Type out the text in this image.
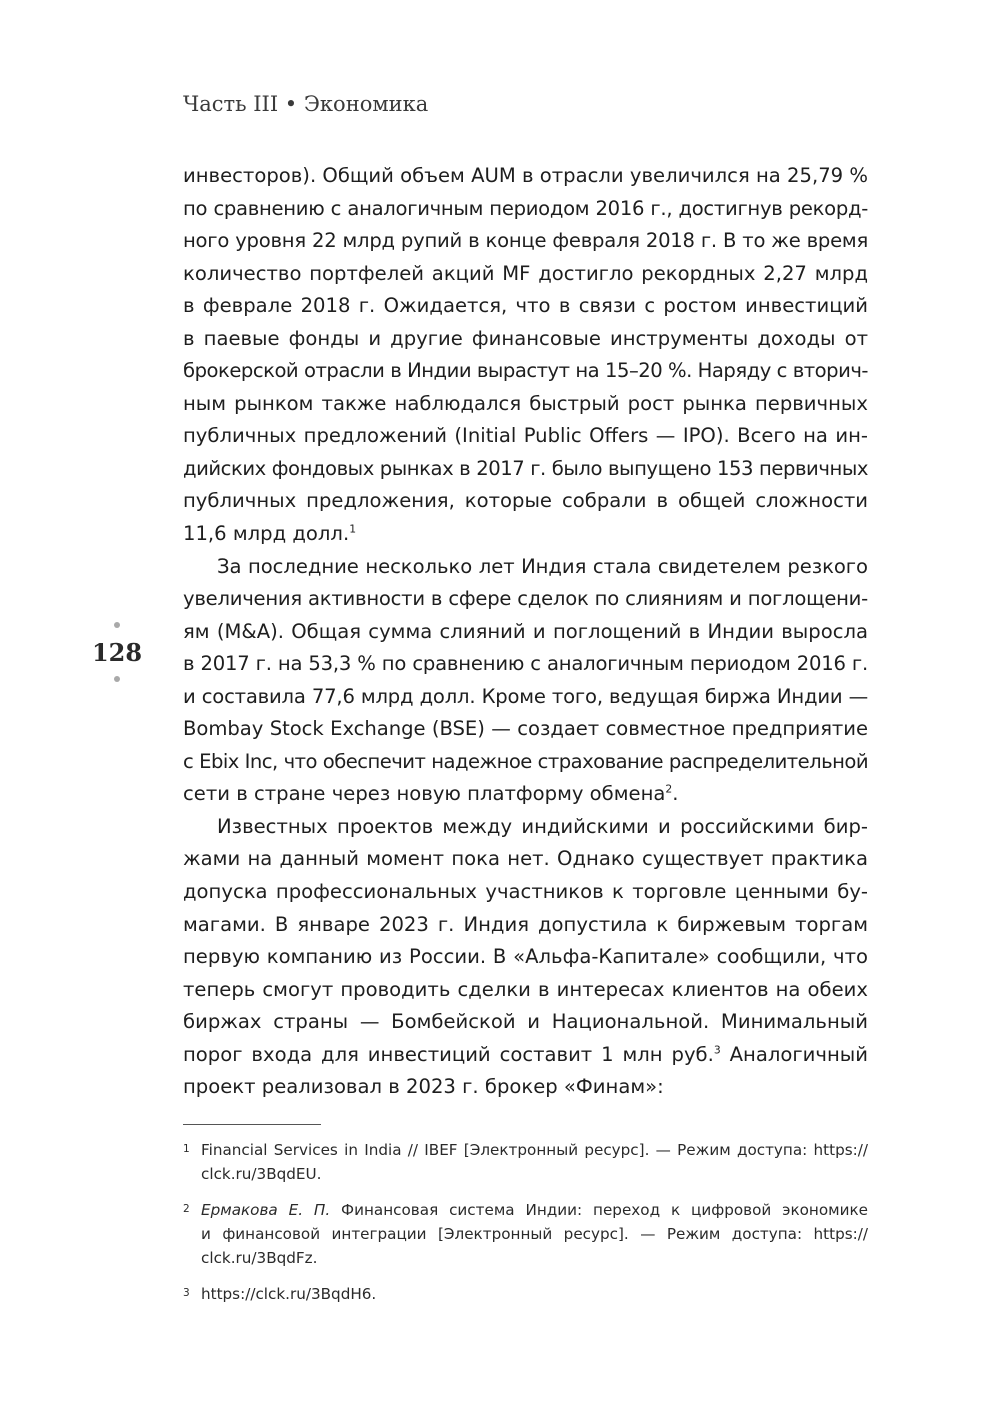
Часть III • Экономика
128
инвесторов). Общий объем AUM в отрасли увеличился на 25,79 %
по сравнению с аналогичным периодом 2016 г., достигнув рекорд-
ного уровня 22 млрд рупий в конце февраля 2018 г. В то же время
количество портфелей акций MF достигло рекордных 2,27 млрд
в феврале 2018 г. Ожидается, что в связи с ростом инвестиций
в паевые фонды и другие финансовые инструменты доходы от
брокерской отрасли в Индии вырастут на 15–20 %. Наряду с вторич-
ным рынком также наблюдался быстрый рост рынка первичных
публичных предложений (Initial Public Offers — IPO). Всего на ин-
дийских фондовых рынках в 2017 г. было выпущено 153 первичных
публичных предложения, которые собрали в общей сложности
11,6 млрд долл.$^1$
За последние несколько лет Индия стала свидетелем резкого
увеличения активности в сфере сделок по слияниям и поглощени-
ям (M&A). Общая сумма слияний и поглощений в Индии выросла
в 2017 г. на 53,3 % по сравнению с аналогичным периодом 2016 г.
и составила 77,6 млрд долл. Кроме того, ведущая биржа Индии —
Bombay Stock Exchange (BSE) — создает совместное предприятие
с Ebix Inc, что обеспечит надежное страхование распределительной
сети в стране через новую платформу обмена$^2$.
Известных проектов между индийскими и российскими бир-
жами на данный момент пока нет. Однако существует практика
допуска профессиональных участников к торговле ценными бу-
магами. В январе 2023 г. Индия допустила к биржевым торгам
первую компанию из России. В «Альфа-Капитале» сообщили, что
теперь смогут проводить сделки в интересах клиентов на обеих
биржах страны — Бомбейской и Национальной. Минимальный
порог входа для инвестиций составит 1 млн руб.$^3$ Аналогичный
проект реализовал в 2023 г. брокер «Финам»:
1 Financial Services in India // IBEF [Электронный ресурс]. — Режим доступа: https://
clck.ru/3BqdEU.
2 Ермакова Е. П. Финансовая система Индии: переход к цифровой экономике
и финансовой интеграции [Электронный ресурс]. — Режим доступа: https://
clck.ru/3BqdFz.
3 https://clck.ru/3BqdH6.
